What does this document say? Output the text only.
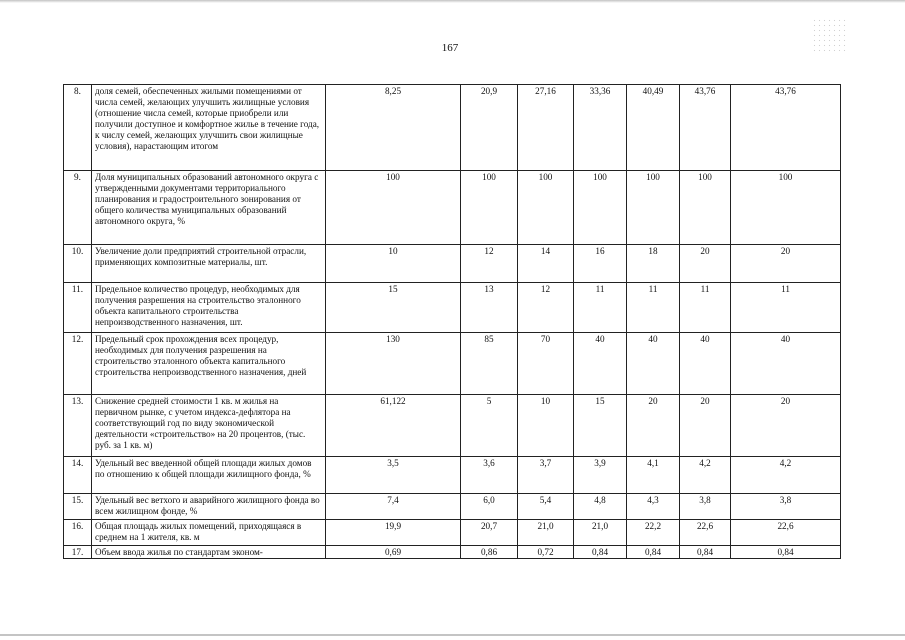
167
8.	доля семей, обеспеченных жилыми помещениями от числа семей, желающих улучшить жилищные условия (отношение числа семей, которые приобрели или получили доступное и комфортное жилье в течение года, к числу семей, желающих улучшить свои жилищные условия), нарастающим итогом	8,25	20,9	27,16	33,36	40,49	43,76	43,76
9.	Доля муниципальных образований автономного округа с утвержденными документами территориального планирования и градостроительного зонирования от общего количества муниципальных образований автономного округа, %	100	100	100	100	100	100	100
10.	Увеличение доли предприятий строительной отрасли, применяющих композитные материалы, шт.	10	12	14	16	18	20	20
11.	Предельное количество процедур, необходимых для получения разрешения на строительство эталонного объекта капитального строительства непроизводственного назначения, шт.	15	13	12	11	11	11	11
12.	Предельный срок прохождения всех процедур, необходимых для получения разрешения на строительство эталонного объекта капитального строительства непроизводственного назначения, дней	130	85	70	40	40	40	40
13.	Снижение средней стоимости 1 кв. м жилья на первичном рынке, с учетом индекса-дефлятора на соответствующий год по виду экономической деятельности «строительство» на 20 процентов, (тыс. руб. за 1 кв. м)	61,122	5	10	15	20	20	20
14.	Удельный вес введенной общей площади жилых домов по отношению к общей площади жилищного фонда, %	3,5	3,6	3,7	3,9	4,1	4,2	4,2
15.	Удельный вес ветхого и аварийного жилищного фонда во всем жилищном фонде, %	7,4	6,0	5,4	4,8	4,3	3,8	3,8
16.	Общая площадь жилых помещений, приходящаяся в среднем на 1 жителя, кв. м	19,9	20,7	21,0	21,0	22,2	22,6	22,6
17.	Объем ввода жилья по стандартам эконом-	0,69	0,86	0,72	0,84	0,84	0,84	0,84
